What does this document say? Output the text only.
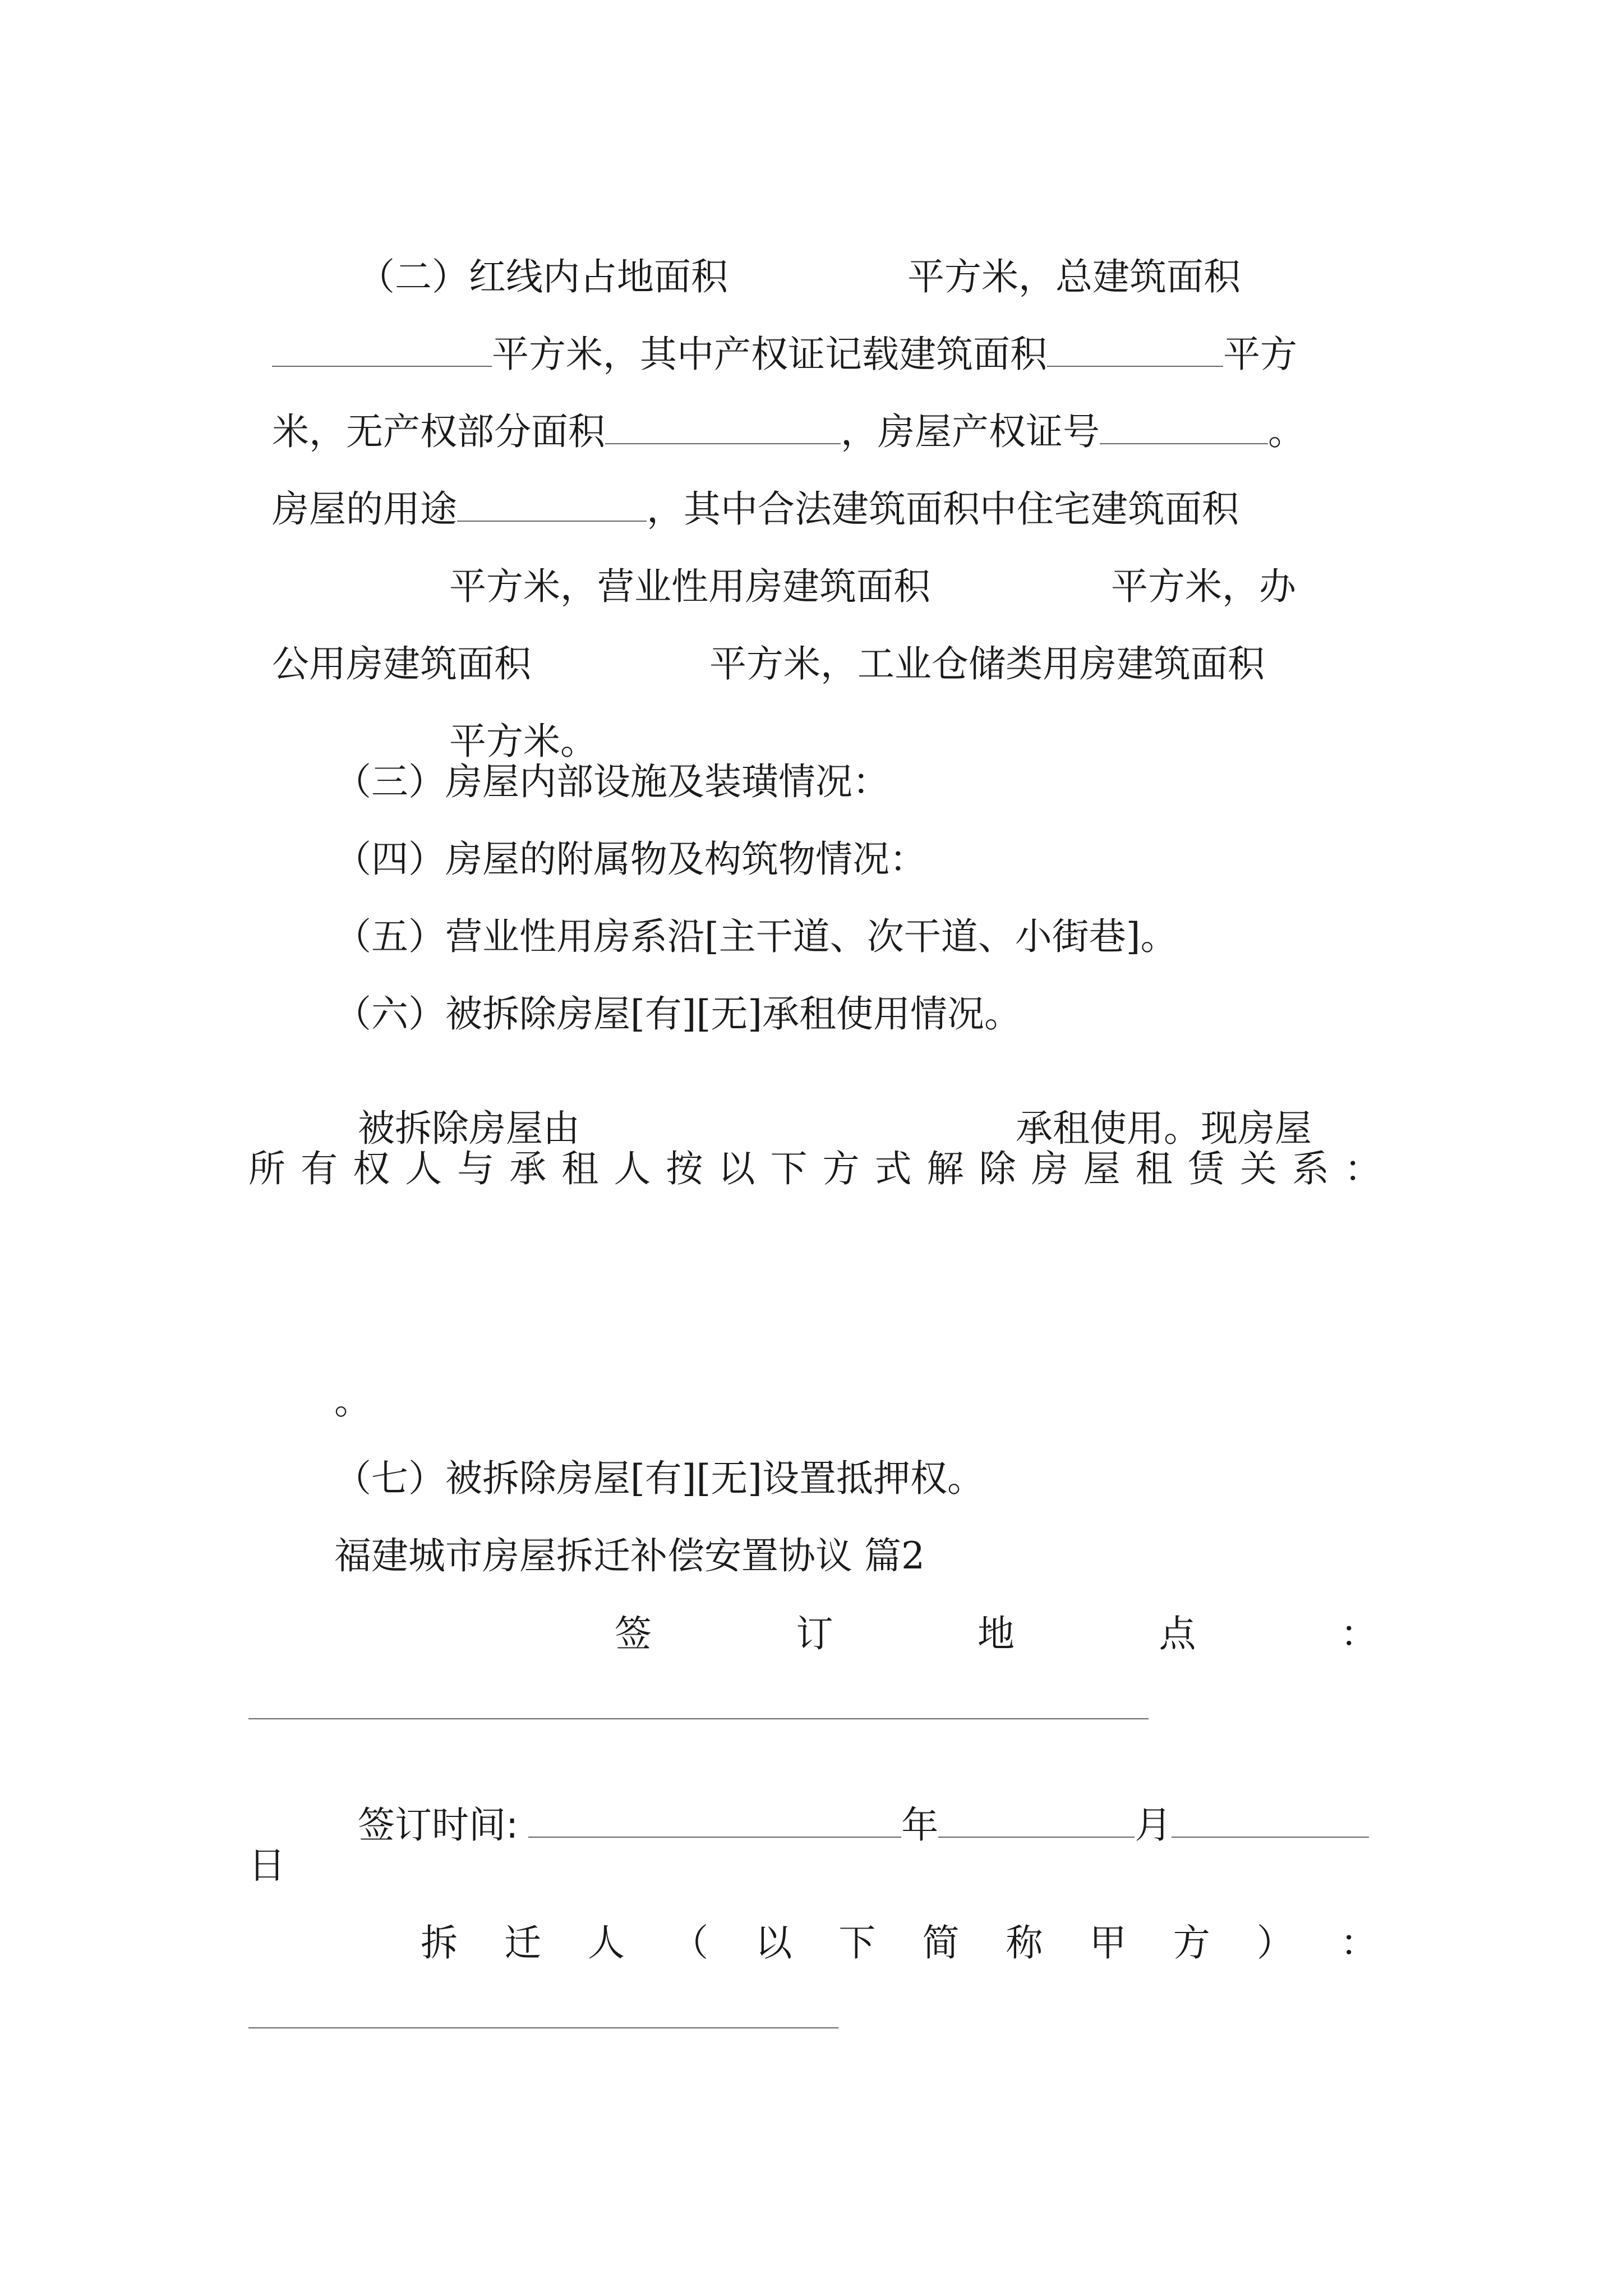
（二）红线内占地面积	平方米，总建筑面积

平方米，其中产权证记载建筑面积	平方

米，无产权部分面积	，房屋产权证号	。

房屋的用途	，其中合法建筑面积中住宅建筑面积

平方米，营业性用房建筑面积	平方米，办

公用房建筑面积	平方米，工业仓储类用房建筑面积

平方米。

（三）房屋内部设施及装璜情况：
（四）房屋的附属物及构筑物情况：
（五）营业性用房系沿[主干道、次干道、小街巷]。
（六）被拆除房屋[有][无]承租使用情况。

被拆除房屋由	承租使用。现房屋

所 有 权 人 与 承 租 人 按 以 下 方 式 解 除 房 屋 租 赁 关 系 ：
。
（七）被拆除房屋[有][无]设置抵押权。
福建城市房屋拆迁补偿安置协议 篇2
签	订	地	点	：

签订时间:	年	月

日
拆 迁 人 （ 以 下 简 称 甲 方 ） ：
